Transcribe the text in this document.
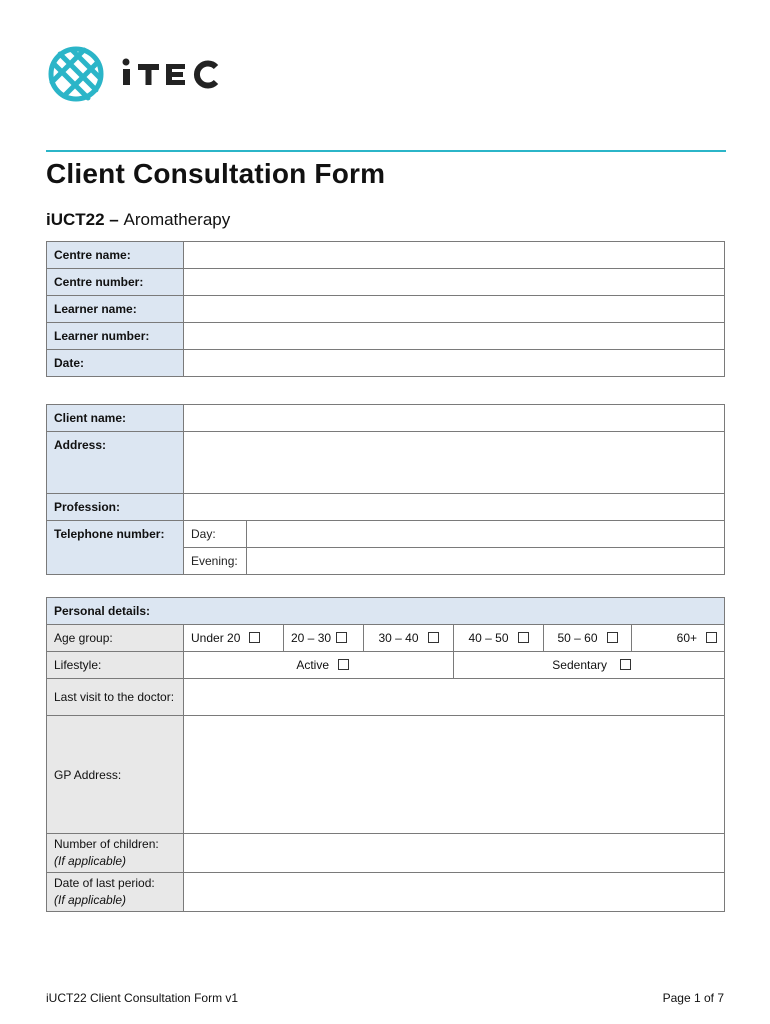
Client Consultation Form
iUCT22 – Aromatherapy
Centre name:	
Centre number:	
Learner name:	
Learner number:	
Date:	
Client name:		
Address:		
Profession:		
Telephone number:	Day:	
	Evening:	
Personal details:						
Age group:	Under 20	20 – 30	30 – 40	40 – 50	50 – 60	60+
Lifestyle:	Active			Sedentary		
Last visit to the doctor:						
GP Address:						

Number of children:
(If applicable)						

Date of last period:
(If applicable)						

iUCT22 Client Consultation Form v1	Page 1 of 7
